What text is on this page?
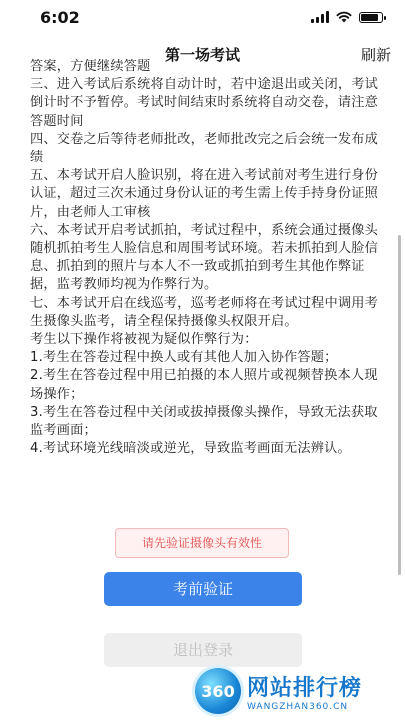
6:02
第一场考试	刷新

答案，方便继续答题

三、进入考试后系统将自动计时，若中途退出或关闭，考试倒计时不予暂停。考试时间结束时系统将自动交卷，请注意答题时间

四、交卷之后等待老师批改，老师批改完之后会统一发布成绩

五、本考试开启人脸识别，将在进入考试前对考生进行身份认证，超过三次未通过身份认证的考生需上传手持身份证照片，由老师人工审核

六、本考试开启考试抓拍，考试过程中，系统会通过摄像头随机抓拍考生人脸信息和周围考试环境。若未抓拍到人脸信息、抓拍到的照片与本人不一致或抓拍到考生其他作弊证据，监考教师均视为作弊行为。

七、本考试开启在线巡考，巡考老师将在考试过程中调用考生摄像头监考，请全程保持摄像头权限开启。

考生以下操作将被视为疑似作弊行为：

1.考生在答卷过程中换人或有其他人加入协作答题；

2.考生在答卷过程中用已拍摄的本人照片或视频替换本人现场操作；

3.考生在答卷过程中关闭或拔掉摄像头操作，导致无法获取监考画面；

4.考试环境光线暗淡或逆光，导致监考画面无法辨认。

请先验证摄像头有效性
考前验证
退出登录
360 网站排行榜
WANGZHAN360.CN
